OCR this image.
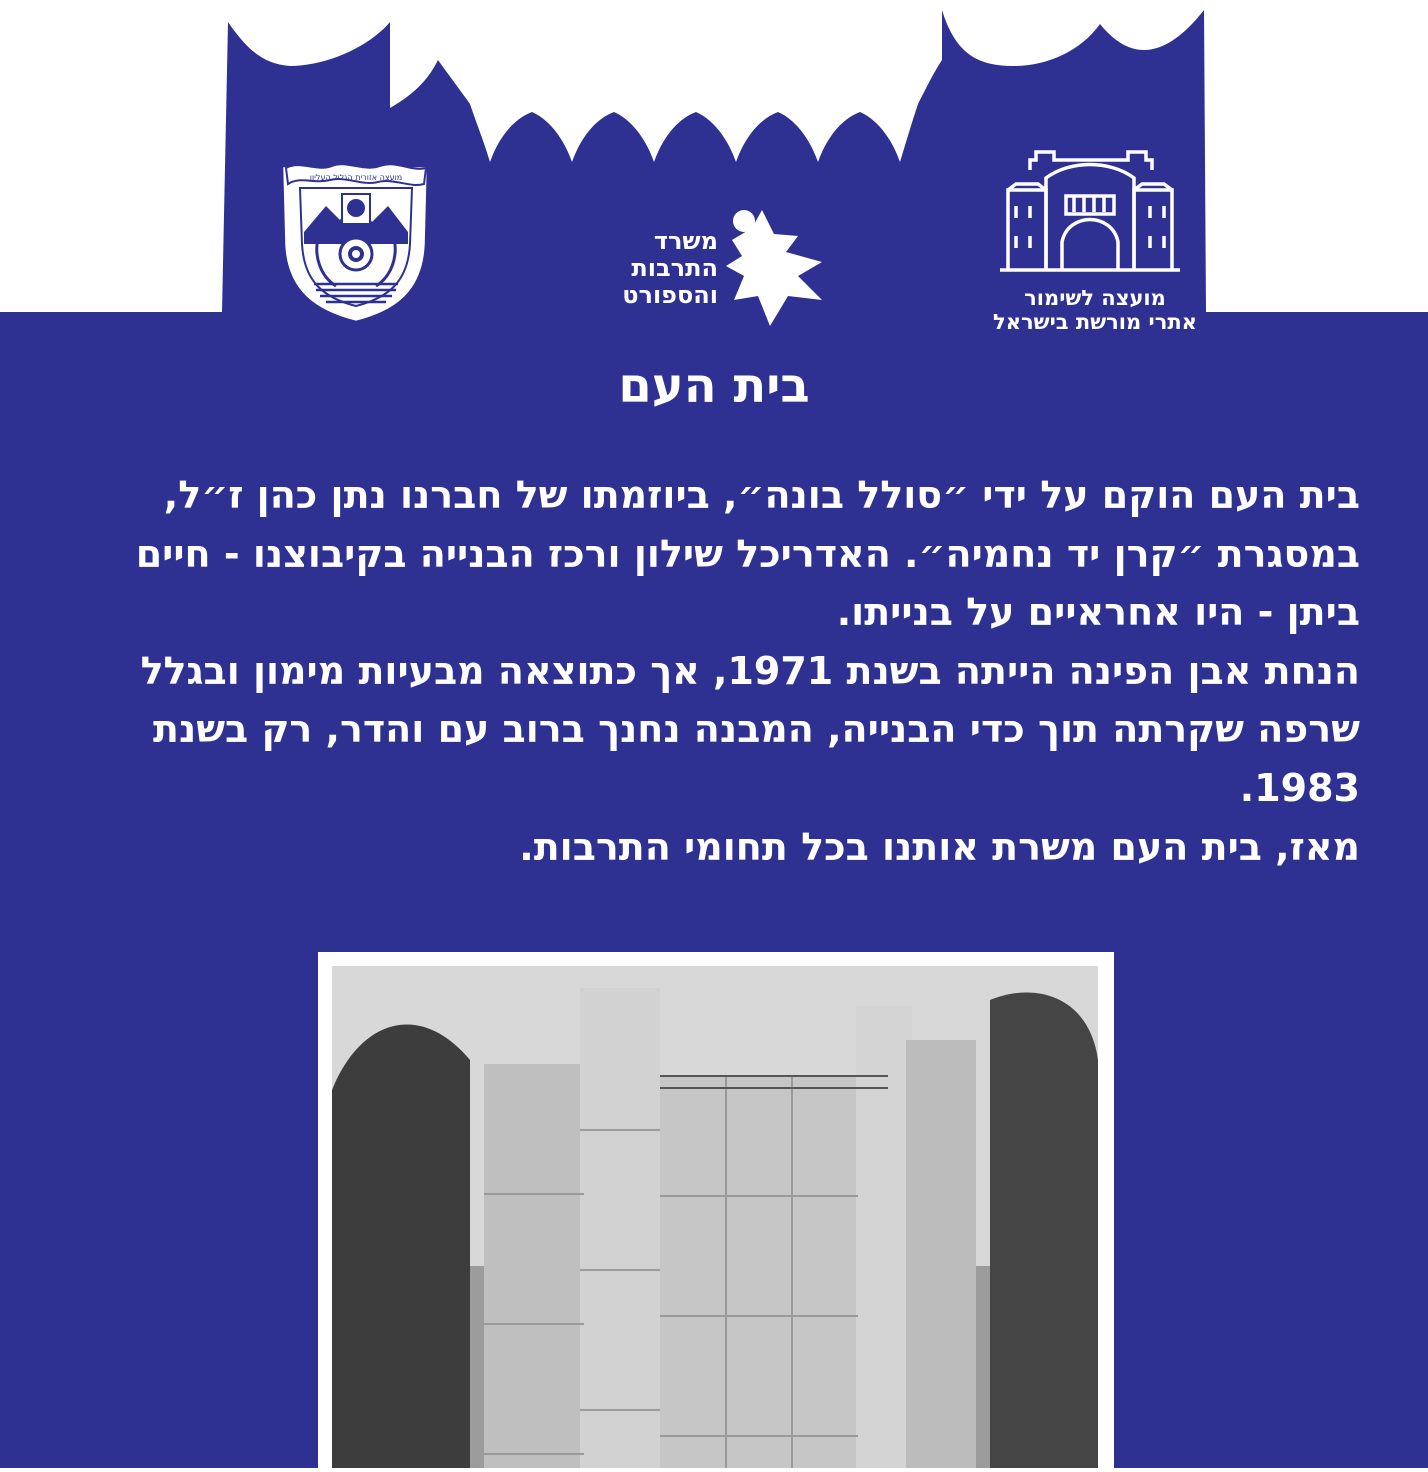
מועצה אזורית הגליל העליון
מועצה לשימור
אתרי מורשת בישראל
משרד
התרבות
והספורט
בית העם

בית העם הוקם על ידי ״סולל בונה״, ביוזמתו של חברנו נתן כהן ז״ל, במסגרת ״קרן יד נחמיה״. האדריכל שילון ורכז הבנייה בקיבוצנו - חיים ביתן - היו אחראיים על בנייתו.

הנחת אבן הפינה הייתה בשנת 1971, אך כתוצאה מבעיות מימון ובגלל שרפה שקרתה תוך כדי הבנייה, המבנה נחנך ברוב עם והדר, רק בשנת 1983.

מאז, בית העם משרת אותנו בכל תחומי התרבות.
